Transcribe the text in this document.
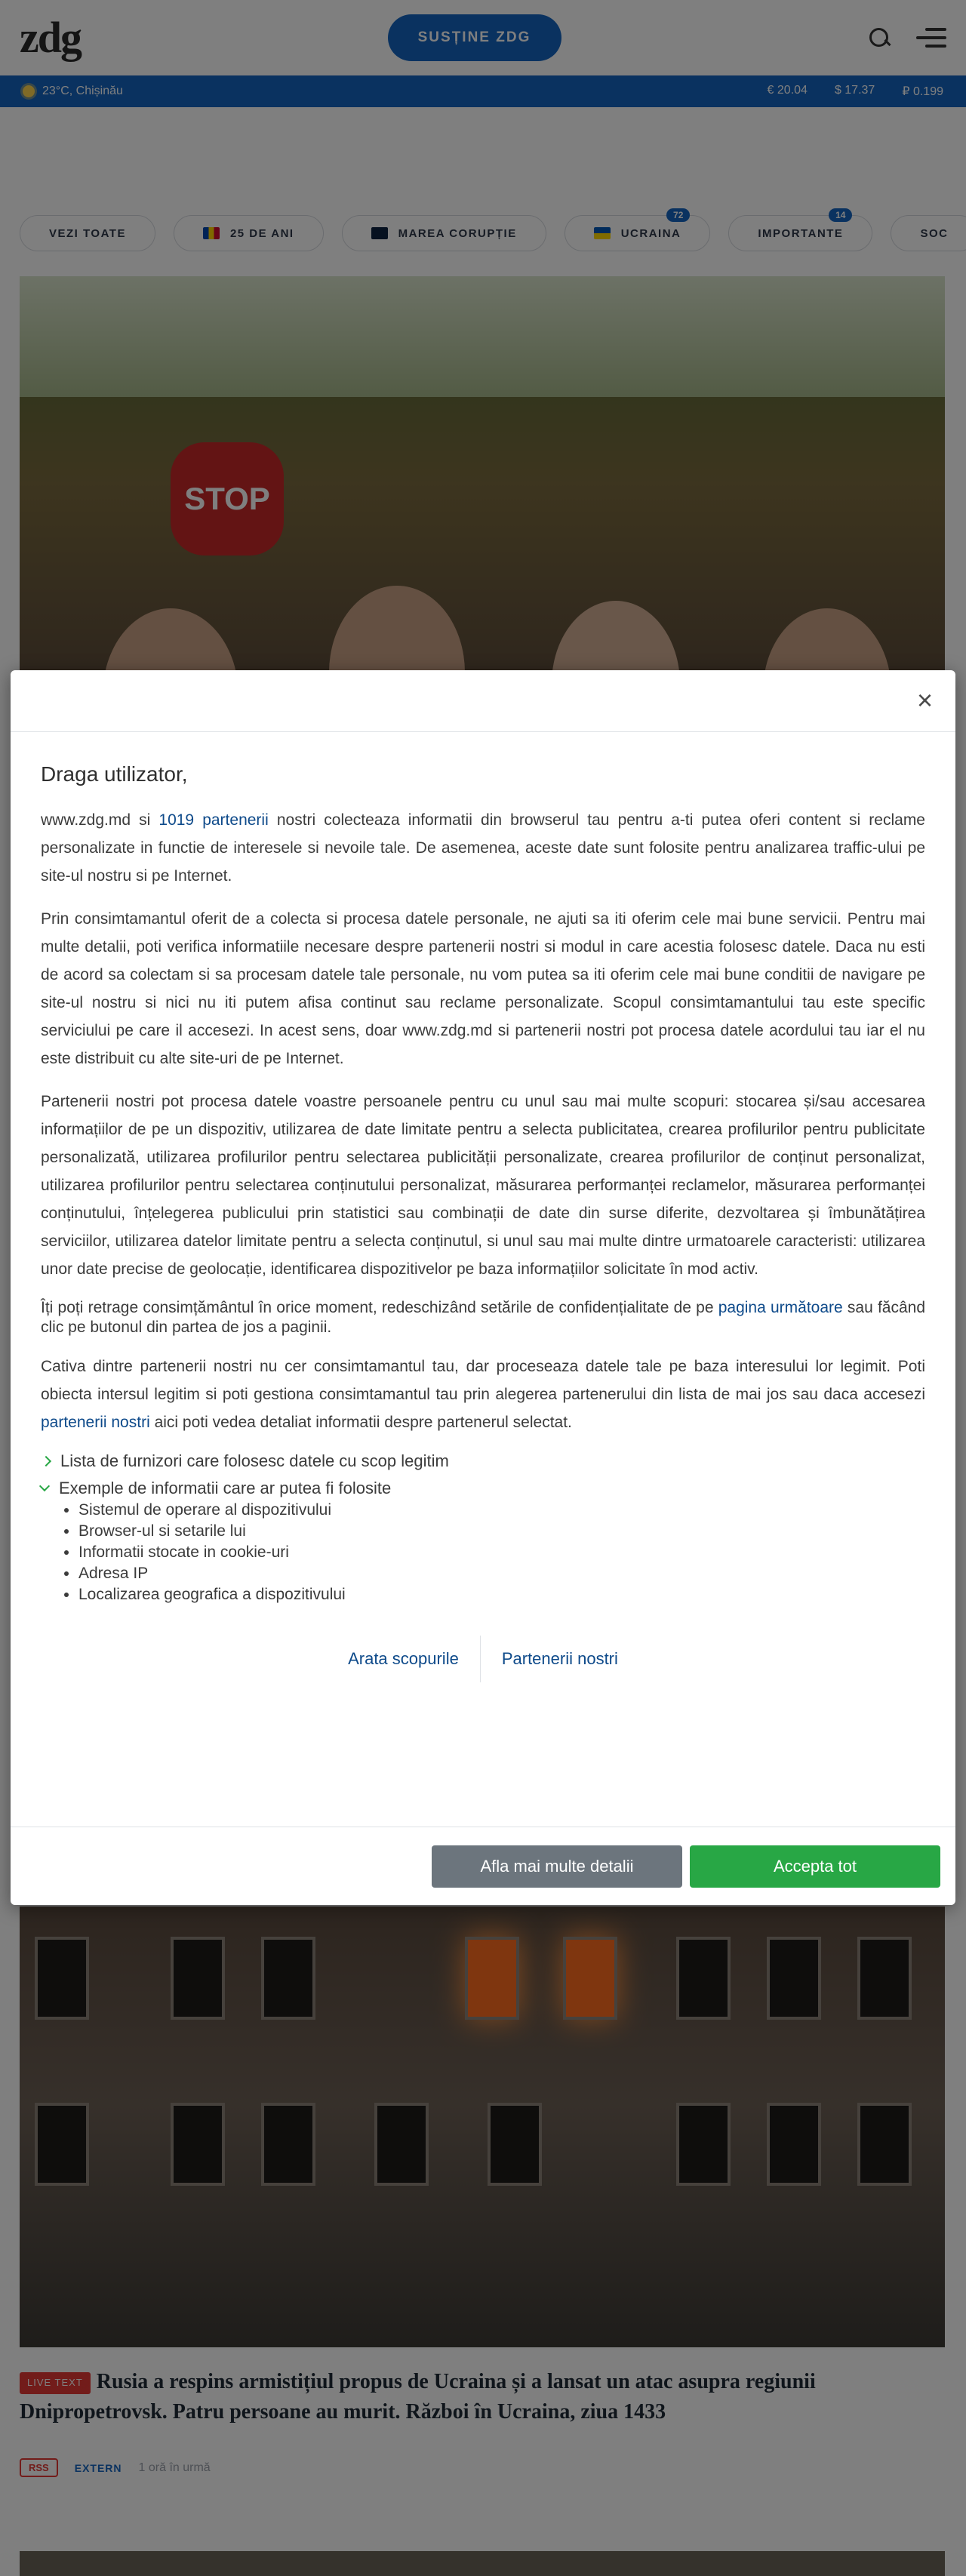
×
Draga utilizator,

www.zdg.md si 1019 partenerii nostri colecteaza informatii din browserul tau pentru a-ti putea oferi content si reclame personalizate in functie de interesele si nevoile tale. De asemenea, aceste date sunt folosite pentru analizarea traffic-ului pe site-ul nostru si pe Internet.

Prin consimtamantul oferit de a colecta si procesa datele personale, ne ajuti sa iti oferim cele mai bune servicii. Pentru mai multe detalii, poti verifica informatiile necesare despre partenerii nostri si modul in care acestia folosesc datele. Daca nu esti de acord sa colectam si sa procesam datele tale personale, nu vom putea sa iti oferim cele mai bune conditii de navigare pe site-ul nostru si nici nu iti putem afisa continut sau reclame personalizate. Scopul consimtamantului tau este specific serviciului pe care il accesezi. In acest sens, doar www.zdg.md si partenerii nostri pot procesa datele acordului tau iar el nu este distribuit cu alte site-uri de pe Internet.

Partenerii nostri pot procesa datele voastre persoanele pentru cu unul sau mai multe scopuri: stocarea și/sau accesarea informațiilor de pe un dispozitiv, utilizarea de date limitate pentru a selecta publicitatea, crearea profilurilor pentru publicitate personalizată, utilizarea profilurilor pentru selectarea publicității personalizate, crearea profilurilor de conținut personalizat, utilizarea profilurilor pentru selectarea conținutului personalizat, măsurarea performanței reclamelor, măsurarea performanței conținutului, înțelegerea publicului prin statistici sau combinații de date din surse diferite, dezvoltarea și îmbunătățirea serviciilor, utilizarea datelor limitate pentru a selecta conținutul, si unul sau mai multe dintre urmatoarele caracteristi: utilizarea unor date precise de geolocație, identificarea dispozitivelor pe baza informațiilor solicitate în mod activ.

Îți poți retrage consimțământul în orice moment, redeschizând setările de confidențialitate de pe pagina următoare sau făcând clic pe butonul din partea de jos a paginii.

Cativa dintre partenerii nostri nu cer consimtamantul tau, dar proceseaza datele tale pe baza interesului lor legimit. Poti obiecta intersul legitim si poti gestiona consimtamantul tau prin alegerea partenerului din lista de mai jos sau daca accesezi partenerii nostri aici poti vedea detaliat informatii despre partenerul selectat.

Lista de furnizori care folosesc datele cu scop legitim
Exemple de informatii care ar putea fi folosite
• Sistemul de operare al dispozitivului
• Browser-ul si setarile lui
• Informatii stocate in cookie-uri
• Adresa IP
• Localizarea geografica a dispozitivului
Arata scopurile	Partenerii nostri
Afla mai multe detalii	Accepta tot
